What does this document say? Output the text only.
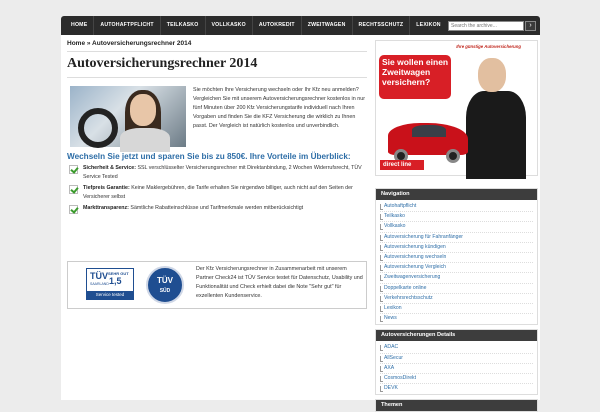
HOME	AUTOHAFTPFLICHT	TEILKASKO	VOLLKASKO	AUTOKREDIT	ZWEITWAGEN	RECHTSSCHUTZ	LEXIKON
Search the archive...	›
Home » Autoversicherungsrechner 2014
Autoversicherungsrechner 2014
Sie möchten Ihre Versicherung wechseln oder Ihr Kfz neu anmelden? Vergleichen Sie mit unserem Autoversicherungsrechner kostenlos in nur fünf Minuten über 200 Kfz Versicherungstarife individuell nach Ihren Vorgaben und finden Sie die KFZ Versicherung die wirklich zu Ihnen passt. Der Vergleich ist natürlich kostenlos und unverbindlich.
Wechseln Sie jetzt und sparen Sie bis zu 850€. Ihre Vorteile im Überblick:
Sicherheit & Service: SSL verschlüsselter Versicherungsrechner mit Direktanbindung, 2 Wochen Widerrufsrecht, TÜV Service Tested
Tiefpreis Garantie: Keine Maklergebühren, die Tarife erhalten Sie nirgendwo billiger, auch nicht auf den Seiten der Versicherer selbst
Markttransparenz: Sämtliche Rabatteinschlüsse und Tarifmerkmale werden mitberücksichtigt
TÜV
SAARLAND
SEHR GUT
1,5
Service tested
TÜV
SÜD
Der Kfz Versicherungsrechner in Zusammenarbeit mit unserem Partner Check24 ist TÜV Service testet für Datenschutz, Usability und Funktionalität und Check erhielt dabei die Note "Sehr gut" für exzellenten Kundenservice.
Ihre günstige Autoversicherung
Sie wollen einen Zweitwagen versichern?
direct line
Navigation
Autohaftpflicht
Teilkasko
Vollkasko
Autoversicherung für Fahranfänger
Autoversicherung kündigen
Autoversicherung wechseln
Autoversicherung Vergleich
Zweitwagenversicherung
Doppelkarte online
Verkehrsrechtsschutz
Lexikon
News
Autoversicherungen Details
ADAC
AllSecur
AXA
CosmosDirekt
DEVK
Themen
